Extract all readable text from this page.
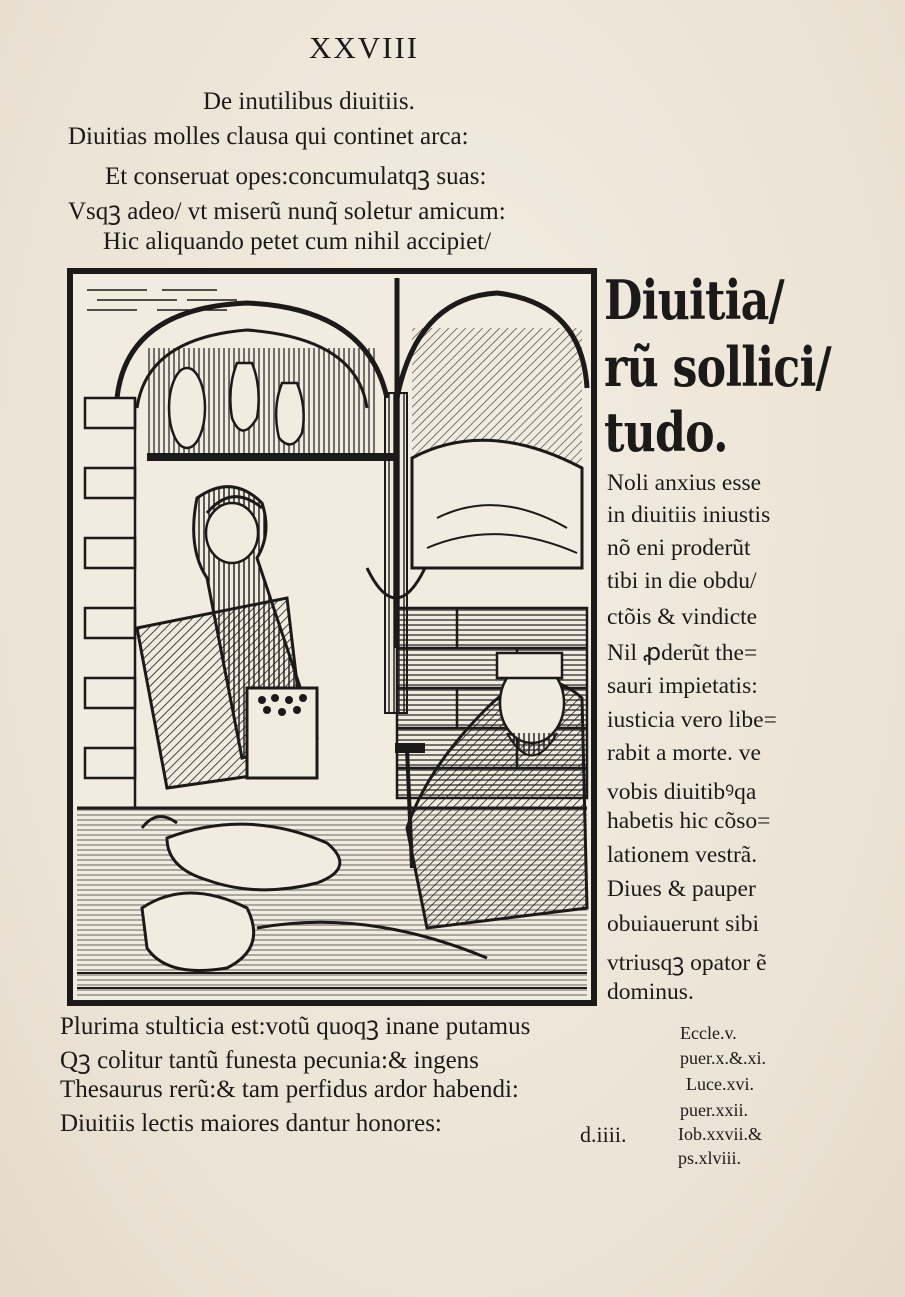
XXVIII
De inutilibus diuitiis.
Diuitias molles clausa qui continet arca:
Et conseruat opes:concumulatqꝫ suas:
Vsqꝫ adeo/ vt miserũ nunq̃ soletur amicum:
Hic aliquando petet cum nihil accipiet/
Diuitia/
rũ sollici/
tudo.
Noli anxius esse
in diuitiis iniustis
nõ eni proderũt
tibi in die obdu/
ctõis & vindicte
Nil ꝓderũt the=
sauri impietatis:
iusticia vero libe=
rabit a morte. ve
vobis diuitibꝰqa
habetis hic cõso=
lationem vestrã.
Diues & pauper
obuiauerunt sibi
vtriusqꝫ opator ẽ
dominus.
Plurima stulticia est:votũ quoqꝫ inane putamus
Qꝫ colitur tantũ funesta pecunia:& ingens
Thesaurus rerũ:& tam perfidus ardor habendi:
Diuitiis lectis maiores dantur honores:	d.iiii.
Eccle.v.
puer.x.&.xi.
Luce.xvi.
puer.xxii.
Iob.xxvii.&
ps.xlviii.
